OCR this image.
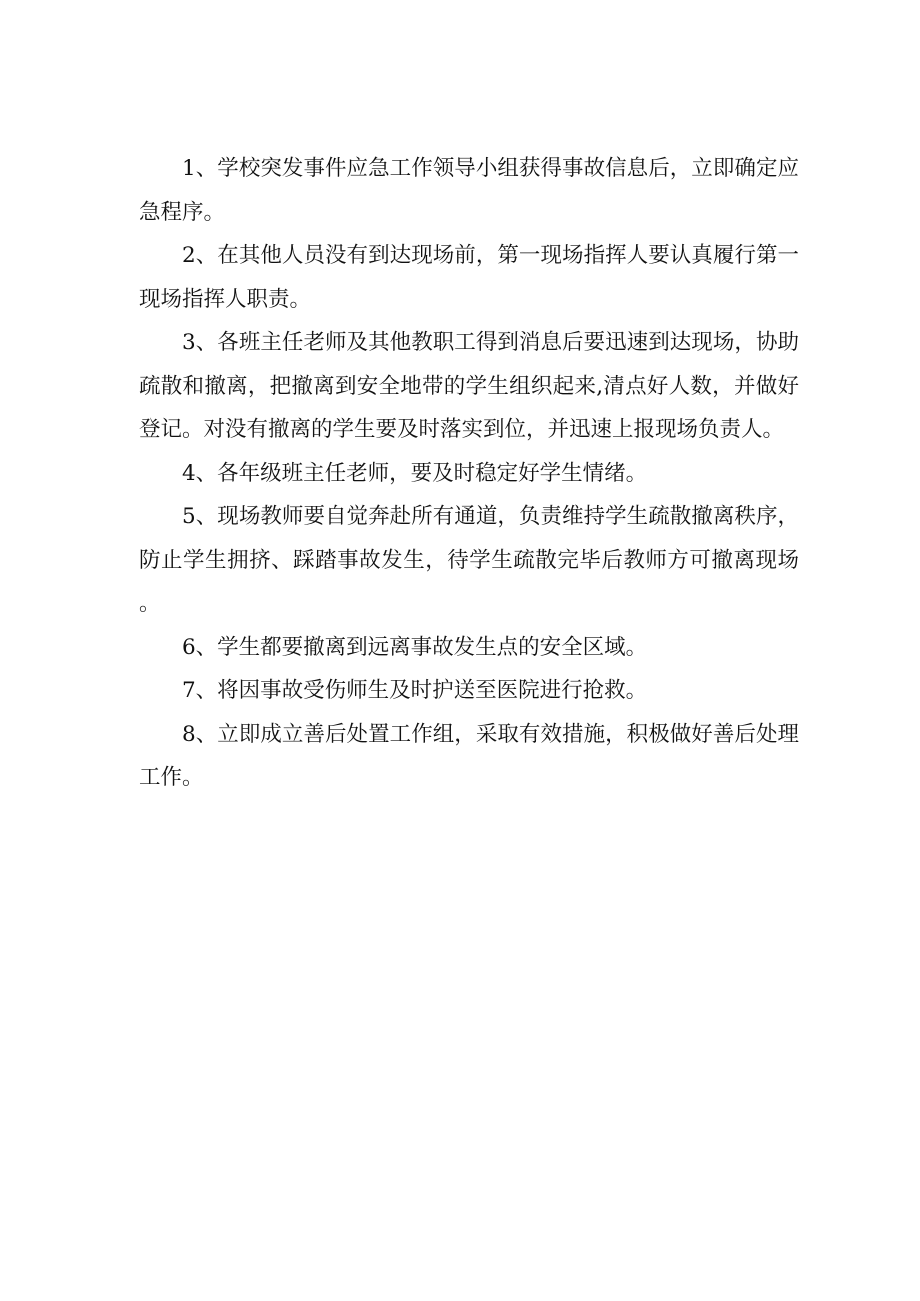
1、学校突发事件应急工作领导小组获得事故信息后，立即确定应急程序。

2、在其他人员没有到达现场前，第一现场指挥人要认真履行第一现场指挥人职责。

3、各班主任老师及其他教职工得到消息后要迅速到达现场，协助疏散和撤离，把撤离到安全地带的学生组织起来,清点好人数，并做好登记。对没有撤离的学生要及时落实到位，并迅速上报现场负责人。

4、各年级班主任老师，要及时稳定好学生情绪。

5、现场教师要自觉奔赴所有通道，负责维持学生疏散撤离秩序，防止学生拥挤、踩踏事故发生，待学生疏散完毕后教师方可撤离现场。

6、学生都要撤离到远离事故发生点的安全区域。

7、将因事故受伤师生及时护送至医院进行抢救。

8、立即成立善后处置工作组，采取有效措施，积极做好善后处理工作。
